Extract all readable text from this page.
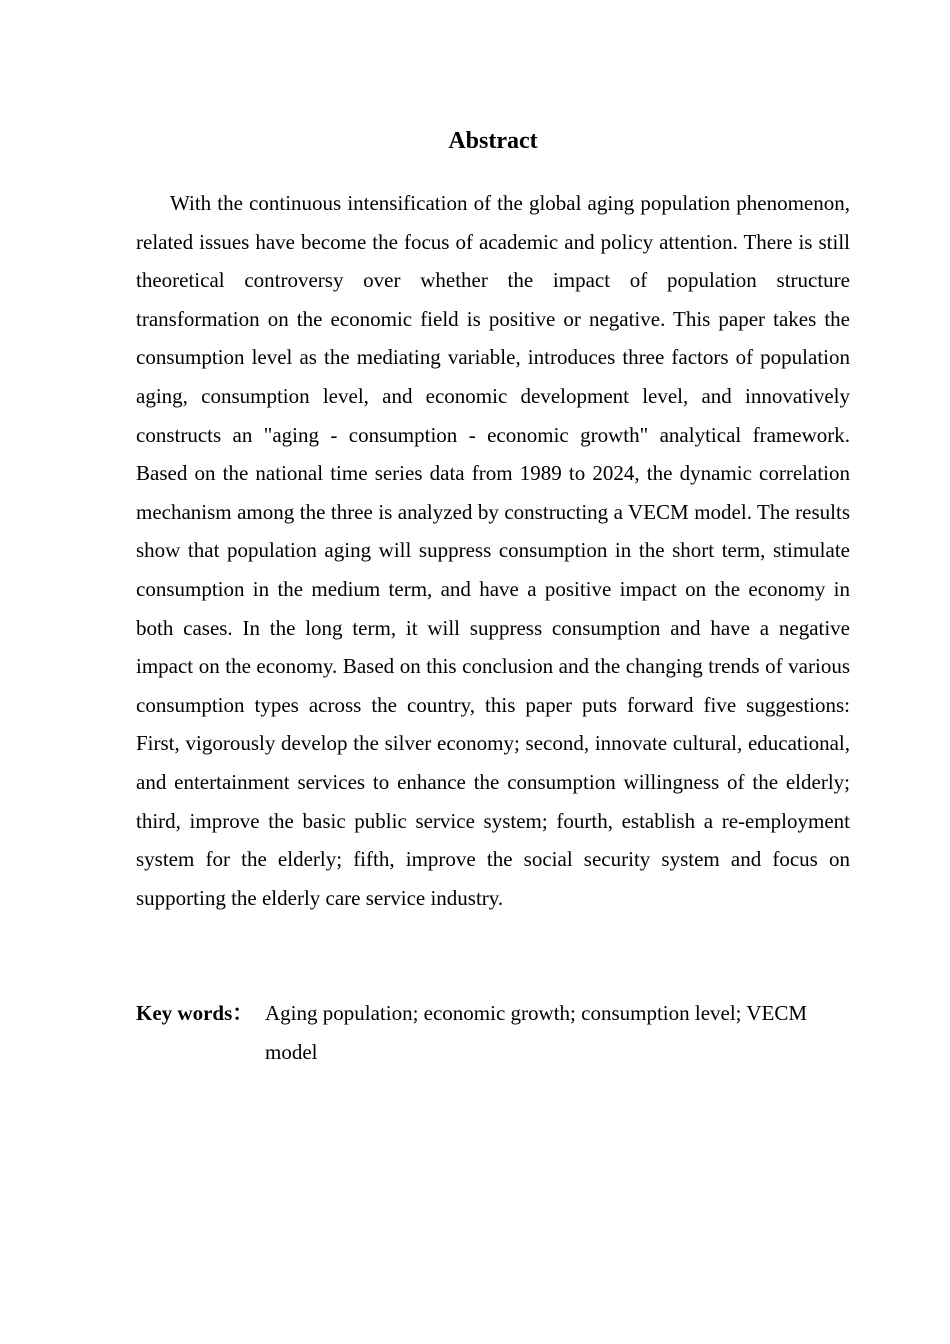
Abstract

With the continuous intensification of the global aging population phenomenon, related issues have become the focus of academic and policy attention. There is still theoretical controversy over whether the impact of population structure transformation on the economic field is positive or negative. This paper takes the consumption level as the mediating variable, introduces three factors of population aging, consumption level, and economic development level, and innovatively constructs an "aging - consumption - economic growth" analytical framework. Based on the national time series data from 1989 to 2024, the dynamic correlation mechanism among the three is analyzed by constructing a VECM model. The results show that population aging will suppress consumption in the short term, stimulate consumption in the medium term, and have a positive impact on the economy in both cases. In the long term, it will suppress consumption and have a negative impact on the economy. Based on this conclusion and the changing trends of various consumption types across the country, this paper puts forward five suggestions: First, vigorously develop the silver economy; second, innovate cultural, educational, and entertainment services to enhance the consumption willingness of the elderly; third, improve the basic public service system; fourth, establish a re-employment system for the elderly; fifth, improve the social security system and focus on supporting the elderly care service industry.

Key words： Aging population; economic growth; consumption level; VECM model
